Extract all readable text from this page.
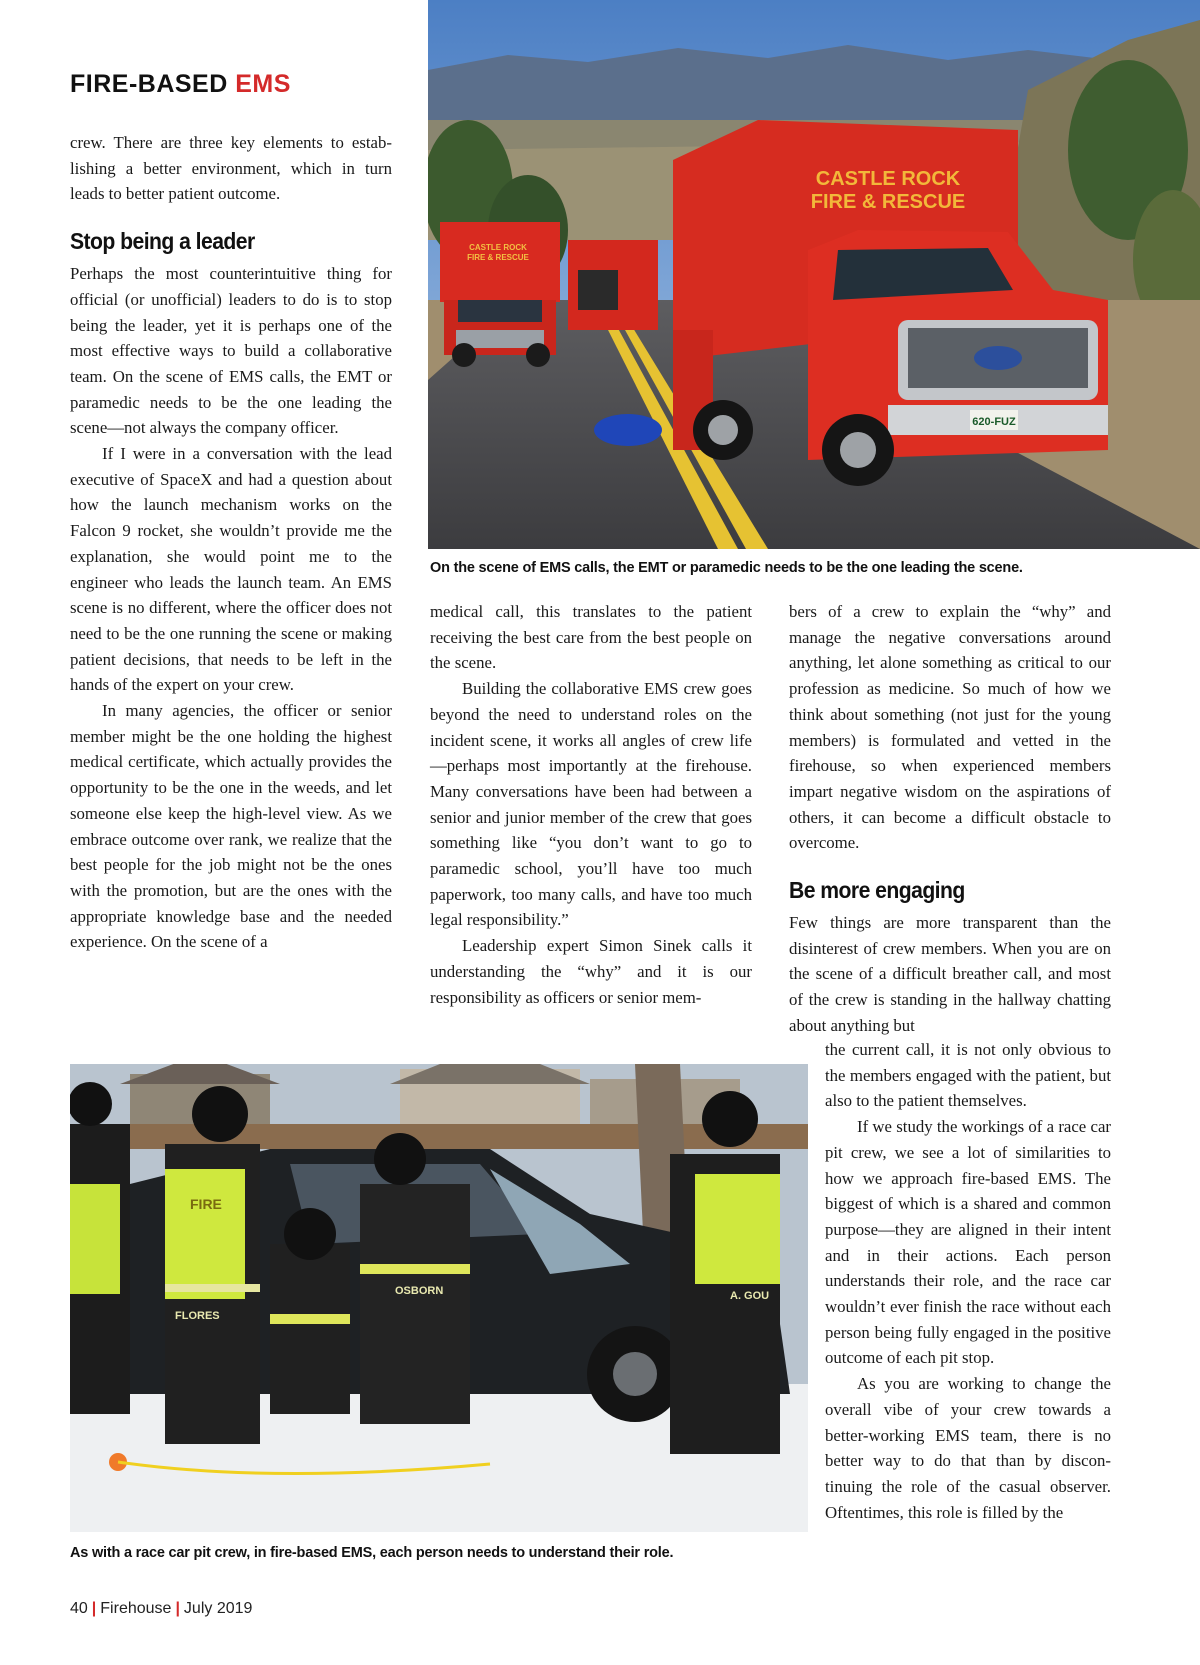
FIRE-BASED EMS

crew. There are three key elements to establishing a better environment, which in turn leads to better patient outcome.

Stop being a leader

Perhaps the most counterintuitive thing for official (or unofficial) leaders to do is to stop being the leader, yet it is perhaps one of the most effective ways to build a collaborative team. On the scene of EMS calls, the EMT or paramedic needs to be the one leading the scene—not always the company officer.

If I were in a conversation with the lead executive of SpaceX and had a question about how the launch mechanism works on the Falcon 9 rocket, she wouldn’t provide me the explanation, she would point me to the engineer who leads the launch team. An EMS scene is no different, where the officer does not need to be the one running the scene or making patient decisions, that needs to be left in the hands of the expert on your crew.

In many agencies, the officer or senior member might be the one holding the highest medical certificate, which actually provides the opportunity to be the one in the weeds, and let someone else keep the high-level view. As we embrace outcome over rank, we realize that the best people for the job might not be the ones with the promotion, but are the ones with the appropriate knowledge base and the needed experience. On the scene of a

CASTLE ROCK
FIRE & RESCUE
CASTLE ROCK
FIRE & RESCUE
620-FUZ
On the scene of EMS calls, the EMT or paramedic needs to be the one leading the scene.

medical call, this translates to the patient receiving the best care from the best people on the scene.

Building the collaborative EMS crew goes beyond the need to understand roles on the incident scene, it works all angles of crew life—perhaps most importantly at the firehouse. Many conversations have been had between a senior and junior member of the crew that goes something like “you don’t want to go to paramedic school, you’ll have too much paperwork, too many calls, and have too much legal responsibility.”

Leadership expert Simon Sinek calls it understanding the “why” and it is our responsibility as officers or senior mem-

bers of a crew to explain the “why” and manage the negative conversations around anything, let alone something as critical to our profession as medicine. So much of how we think about something (not just for the young members) is formulated and vetted in the firehouse, so when experienced members impart negative wisdom on the aspirations of others, it can become a difficult obstacle to overcome.

Be more engaging

Few things are more transparent than the disinterest of crew members. When you are on the scene of a difficult breather call, and most of the crew is standing in the hallway chatting about anything but

the current call, it is not only obvious to the members engaged with the patient, but also to the patient themselves.

If we study the workings of a race car pit crew, we see a lot of similarities to how we approach fire-based EMS. The biggest of which is a shared and common purpose—they are aligned in their intent and in their actions. Each person understands their role, and the race car wouldn’t ever finish the race without each person being fully engaged in the positive outcome of each pit stop.

As you are working to change the overall vibe of your crew towards a better-working EMS team, there is no better way to do that than by discontinuing the role of the casual observer. Oftentimes, this role is filled by the

FIRE
FLORES
OSBORN	A. GOU
As with a race car pit crew, in fire-based EMS, each person needs to understand their role.
40 | Firehouse | July 2019
